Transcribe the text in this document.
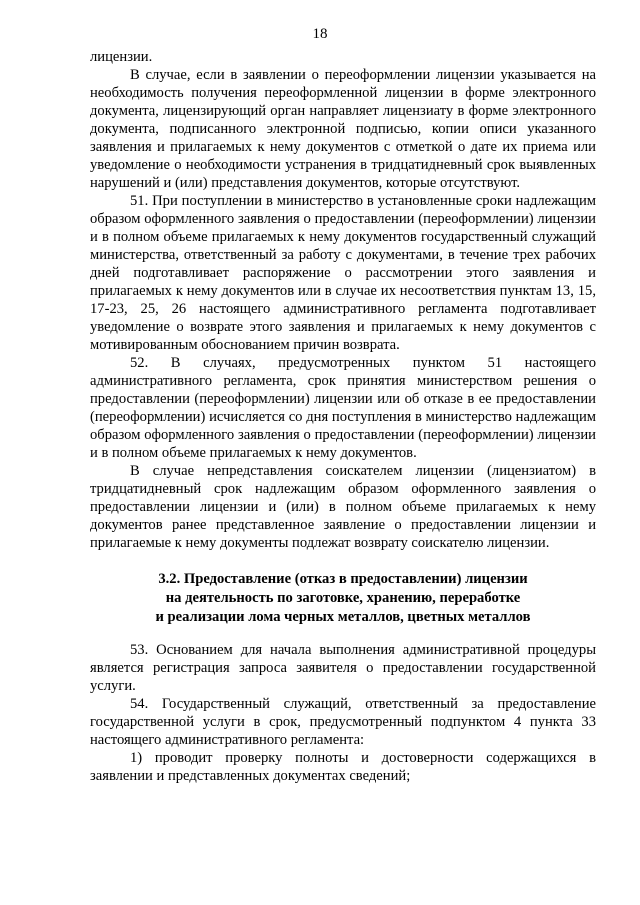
18

лицензии.

В случае, если в заявлении о переоформлении лицензии указывается на необходимость получения переоформленной лицензии в форме электронного документа, лицензирующий орган направляет лицензиату в форме электронного документа, подписанного электронной подписью, копии описи указанного заявления и прилагаемых к нему документов с отметкой о дате их приема или уведомление о необходимости устранения в тридцатидневный срок выявленных нарушений и (или) представления документов, которые отсутствуют.

51. При поступлении в министерство в установленные сроки надлежащим образом оформленного заявления о предоставлении (переоформлении) лицензии и в полном объеме прилагаемых к нему документов государственный служащий министерства, ответственный за работу с документами, в течение трех рабочих дней подготавливает распоряжение о рассмотрении этого заявления и прилагаемых к нему документов или в случае их несоответствия пунктам 13, 15, 17-23, 25, 26 настоящего административного регламента подготавливает уведомление о возврате этого заявления и прилагаемых к нему документов с мотивированным обоснованием причин возврата.

52. В случаях, предусмотренных пунктом 51 настоящего административного регламента, срок принятия министерством решения о предоставлении (переоформлении) лицензии или об отказе в ее предоставлении (переоформлении) исчисляется со дня поступления в министерство надлежащим образом оформленного заявления о предоставлении (переоформлении) лицензии и в полном объеме прилагаемых к нему документов.

В случае непредставления соискателем лицензии (лицензиатом) в тридцатидневный срок надлежащим образом оформленного заявления о предоставлении лицензии и (или) в полном объеме прилагаемых к нему документов ранее представленное заявление о предоставлении лицензии и прилагаемые к нему документы подлежат возврату соискателю лицензии.

3.2. Предоставление (отказ в предоставлении) лицензии
на деятельность по заготовке, хранению, переработке
и реализации лома черных металлов, цветных металлов

53. Основанием для начала выполнения административной процедуры является регистрация запроса заявителя о предоставлении государственной услуги.

54. Государственный служащий, ответственный за предоставление государственной услуги в срок, предусмотренный подпунктом 4 пункта 33 настоящего административного регламента:

1) проводит проверку полноты и достоверности содержащихся в заявлении и представленных документах сведений;
